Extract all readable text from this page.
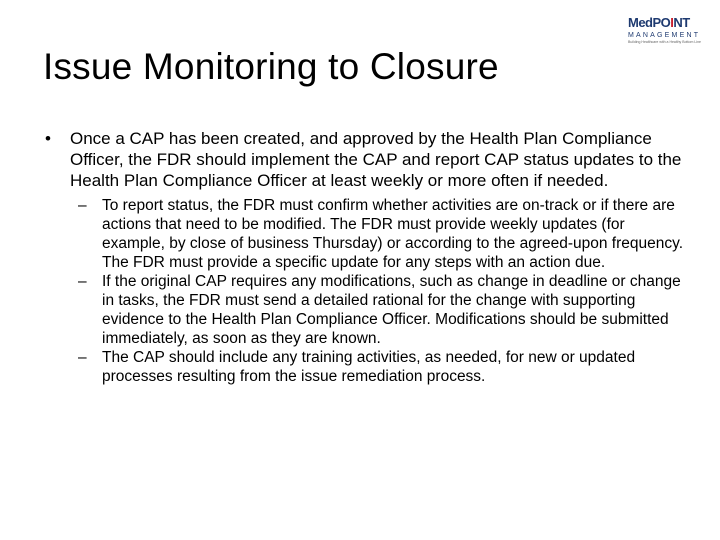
Issue Monitoring to Closure
MedPOINT
MANAGEMENT
Building Healthcare with a Healthy Bottom Line

• Once a CAP has been created, and approved by the Health Plan Compliance Officer, the FDR should implement the CAP and report CAP status updates to the Health Plan Compliance Officer at least weekly or more often if needed.

– To report status, the FDR must confirm whether activities are on-track or if there are actions that need to be modified. The FDR must provide weekly updates (for example, by close of business Thursday) or according to the agreed-upon frequency. The FDR must provide a specific update for any steps with an action due.
– If the original CAP requires any modifications, such as change in deadline or change in tasks, the FDR must send a detailed rational for the change with supporting evidence to the Health Plan Compliance Officer. Modifications should be submitted immediately, as soon as they are known.
– The CAP should include any training activities, as needed, for new or updated processes resulting from the issue remediation process.
